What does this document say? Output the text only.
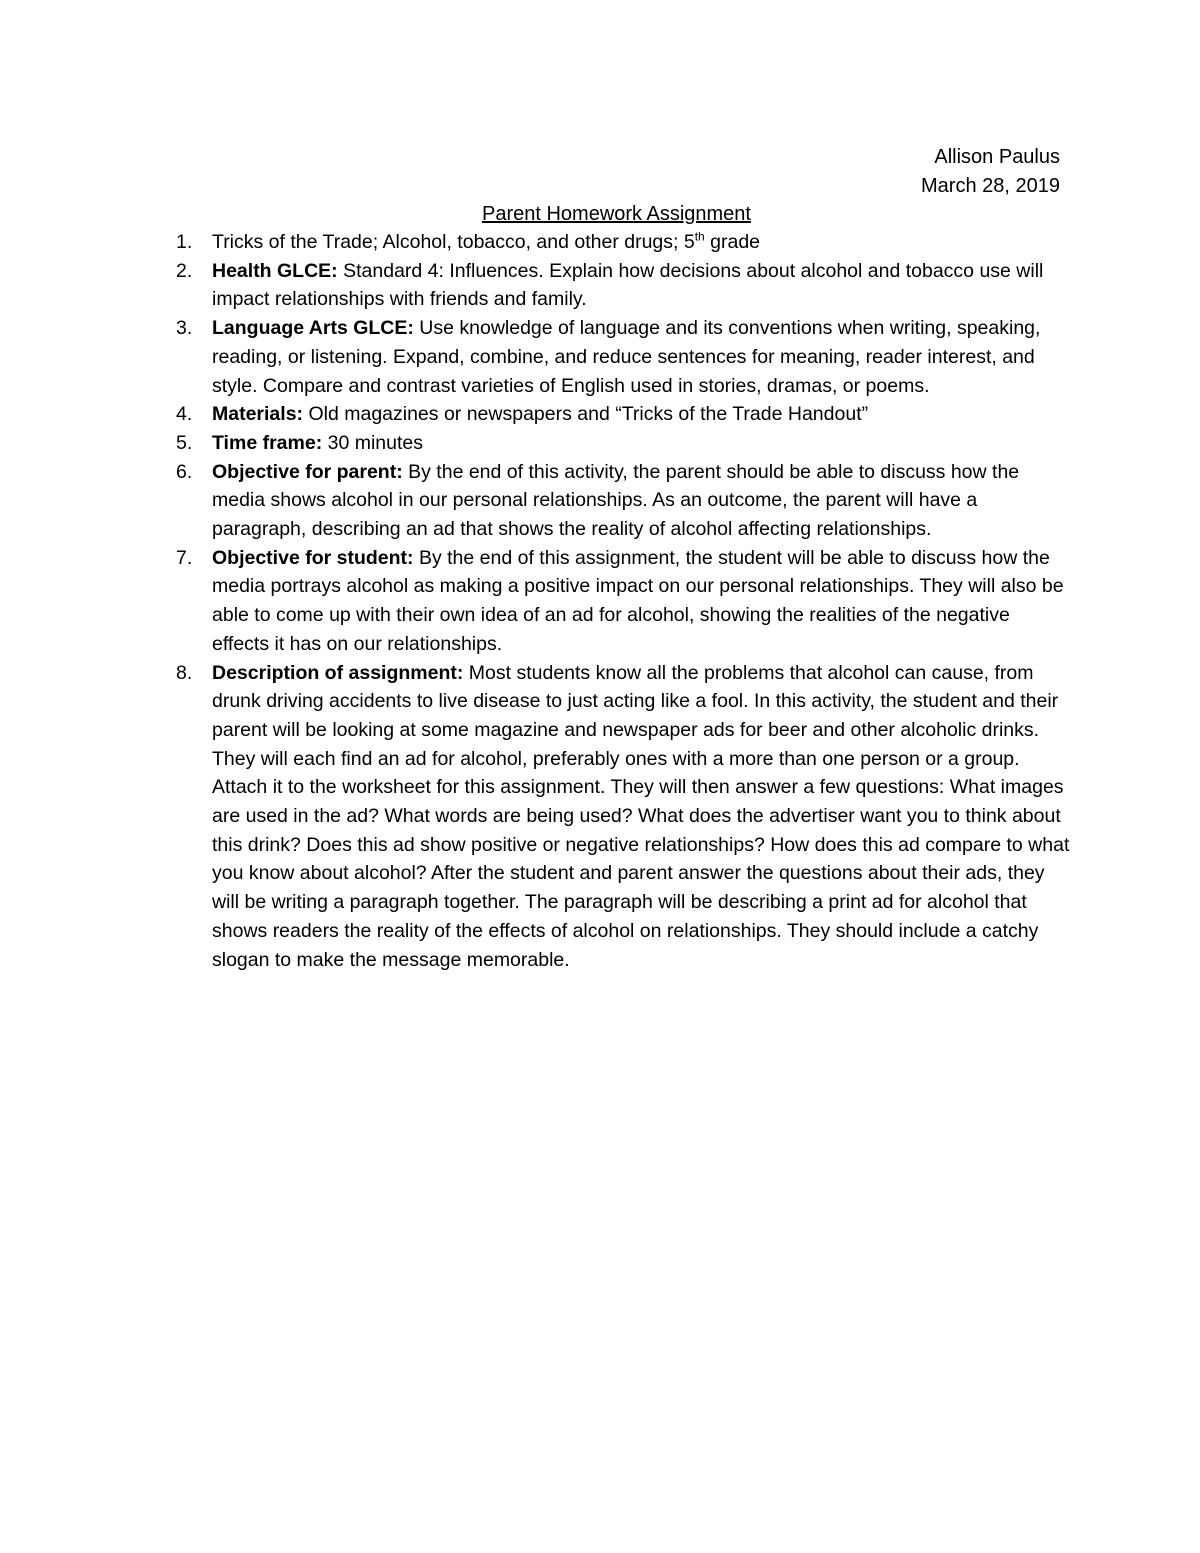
Allison Paulus
March 28, 2019
Parent Homework Assignment
1. Tricks of the Trade; Alcohol, tobacco, and other drugs; 5th grade
2. Health GLCE: Standard 4: Influences. Explain how decisions about alcohol and tobacco use will impact relationships with friends and family.
3. Language Arts GLCE: Use knowledge of language and its conventions when writing, speaking, reading, or listening. Expand, combine, and reduce sentences for meaning, reader interest, and style. Compare and contrast varieties of English used in stories, dramas, or poems.
4. Materials: Old magazines or newspapers and “Tricks of the Trade Handout”
5. Time frame: 30 minutes
6. Objective for parent: By the end of this activity, the parent should be able to discuss how the media shows alcohol in our personal relationships. As an outcome, the parent will have a paragraph, describing an ad that shows the reality of alcohol affecting relationships.
7. Objective for student: By the end of this assignment, the student will be able to discuss how the media portrays alcohol as making a positive impact on our personal relationships. They will also be able to come up with their own idea of an ad for alcohol, showing the realities of the negative effects it has on our relationships.
8. Description of assignment: Most students know all the problems that alcohol can cause, from drunk driving accidents to live disease to just acting like a fool. In this activity, the student and their parent will be looking at some magazine and newspaper ads for beer and other alcoholic drinks. They will each find an ad for alcohol, preferably ones with a more than one person or a group. Attach it to the worksheet for this assignment. They will then answer a few questions: What images are used in the ad? What words are being used? What does the advertiser want you to think about this drink? Does this ad show positive or negative relationships? How does this ad compare to what you know about alcohol? After the student and parent answer the questions about their ads, they will be writing a paragraph together. The paragraph will be describing a print ad for alcohol that shows readers the reality of the effects of alcohol on relationships. They should include a catchy slogan to make the message memorable.
